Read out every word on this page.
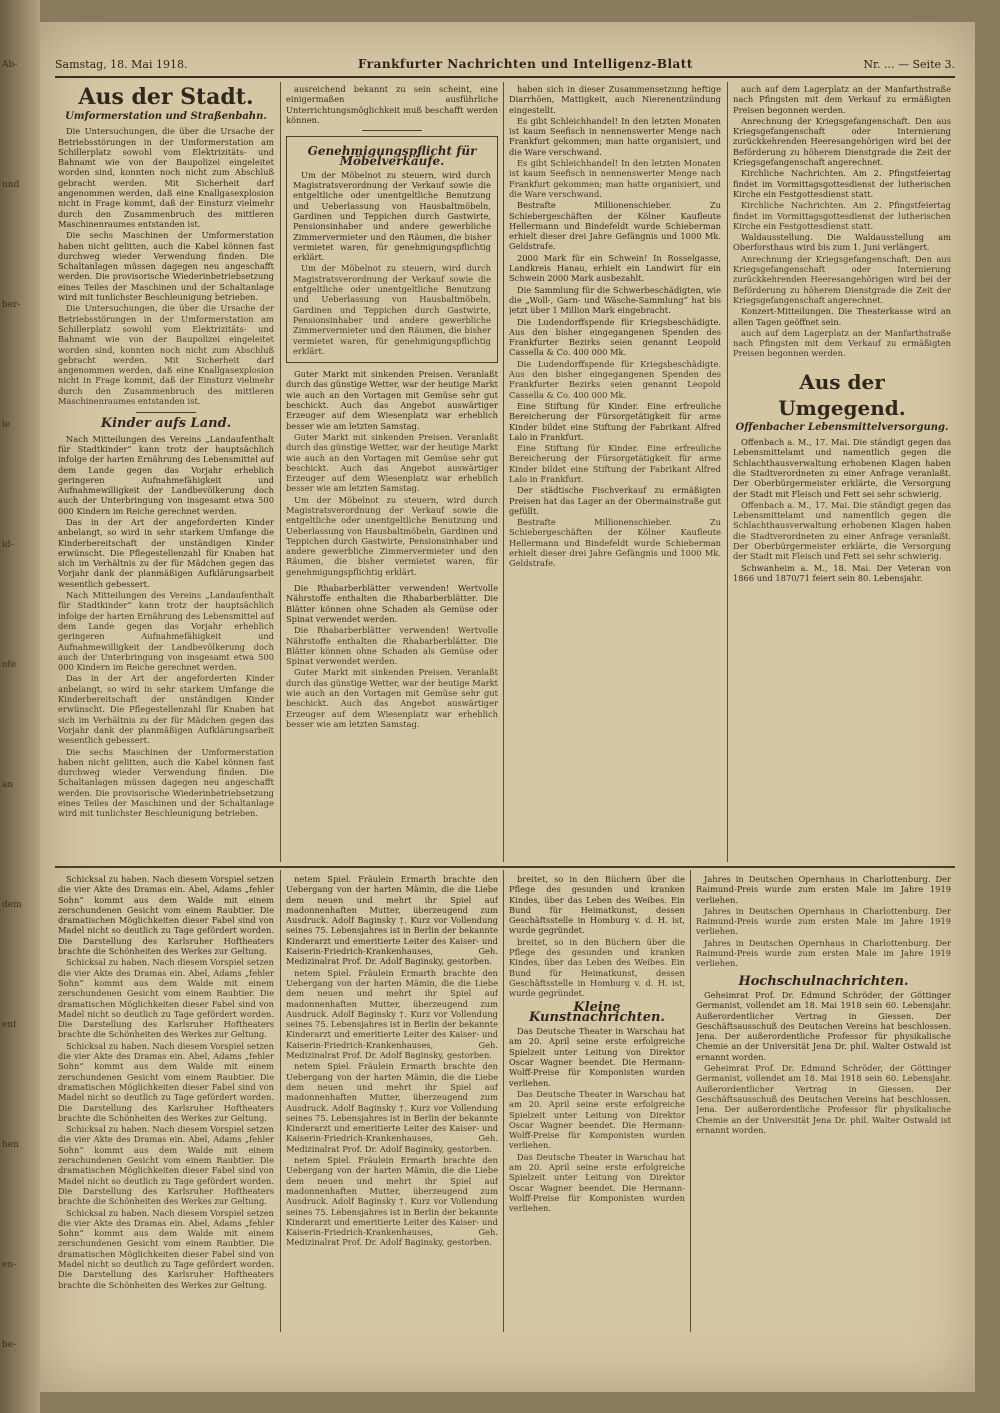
Ab-
und
ber-
le
id-
ofe
an
dem
ent
hen
en-
be-
Samstag, 18. Mai 1918.	Frankfurter Nachrichten und Intelligenz-Blatt	Nr. ... — Seite 3.
Aus der Stadt.
Umformerstation und Straßenbahn.

Die Untersuchungen, die über die Ursache der Betriebsstörungen in der Umformerstation am Schillerplatz sowohl vom Elektrizitäts- und Bahnamt wie von der Baupolizei eingeleitet worden sind, konnten noch nicht zum Abschluß gebracht werden. Mit Sicherheit darf angenommen werden, daß eine Knallgasexplosion nicht in Frage kommt, daß der Einsturz vielmehr durch den Zusammenbruch des mittleren Maschinenraumes entstanden ist.

Die sechs Maschinen der Umformerstation haben nicht gelitten, auch die Kabel können fast durchweg wieder Verwendung finden. Die Schaltanlagen müssen dagegen neu angeschafft werden. Die provisorische Wiederinbetriebsetzung eines Teiles der Maschinen und der Schaltanlage wird mit tunlichster Beschleunigung betrieben.

Die Untersuchungen, die über die Ursache der Betriebsstörungen in der Umformerstation am Schillerplatz sowohl vom Elektrizitäts- und Bahnamt wie von der Baupolizei eingeleitet worden sind, konnten noch nicht zum Abschluß gebracht werden. Mit Sicherheit darf angenommen werden, daß eine Knallgasexplosion nicht in Frage kommt, daß der Einsturz vielmehr durch den Zusammenbruch des mittleren Maschinenraumes entstanden ist.

Kinder aufs Land.

Nach Mitteilungen des Vereins „Landaufenthalt für Stadtkinder“ kann trotz der hauptsächlich infolge der harten Ernährung des Lebensmittel auf dem Lande gegen das Vorjahr erheblich geringeren Aufnahmefähigkeit und Aufnahmewilligkeit der Landbevölkerung doch auch der Unterbringung von insgesamt etwa 500 000 Kindern im Reiche gerechnet werden.

Das in der Art der angeforderten Kinder anbelangt, so wird in sehr starkem Umfange die Kinderbereitschaft der unständigen Kinder erwünscht. Die Pflegestellenzahl für Knaben hat sich im Verhältnis zu der für Mädchen gegen das Vorjahr dank der planmäßigen Aufklärungsarbeit wesentlich gebessert.

Nach Mitteilungen des Vereins „Landaufenthalt für Stadtkinder“ kann trotz der hauptsächlich infolge der harten Ernährung des Lebensmittel auf dem Lande gegen das Vorjahr erheblich geringeren Aufnahmefähigkeit und Aufnahmewilligkeit der Landbevölkerung doch auch der Unterbringung von insgesamt etwa 500 000 Kindern im Reiche gerechnet werden.

Das in der Art der angeforderten Kinder anbelangt, so wird in sehr starkem Umfange die Kinderbereitschaft der unständigen Kinder erwünscht. Die Pflegestellenzahl für Knaben hat sich im Verhältnis zu der für Mädchen gegen das Vorjahr dank der planmäßigen Aufklärungsarbeit wesentlich gebessert.

Die sechs Maschinen der Umformerstation haben nicht gelitten, auch die Kabel können fast durchweg wieder Verwendung finden. Die Schaltanlagen müssen dagegen neu angeschafft werden. Die provisorische Wiederinbetriebsetzung eines Teiles der Maschinen und der Schaltanlage wird mit tunlichster Beschleunigung betrieben.

ausreichend bekannt zu sein scheint, eine einigermaßen ausführliche Unterrichtungsmöglichkeit muß beschafft werden können.

Genehmigungspflicht für Möbelverkäufe.

Um der Möbelnot zu steuern, wird durch Magistratsverordnung der Verkauf sowie die entgeltliche oder unentgeltliche Benutzung und Ueberlassung von Hausbaltmöbeln, Gardinen und Teppichen durch Gastwirte, Pensionsinhaber und andere gewerbliche Zimmervermieter und den Räumen, die bisher vermietet waren, für genehmigungspflichtig erklärt.

Um der Möbelnot zu steuern, wird durch Magistratsverordnung der Verkauf sowie die entgeltliche oder unentgeltliche Benutzung und Ueberlassung von Hausbaltmöbeln, Gardinen und Teppichen durch Gastwirte, Pensionsinhaber und andere gewerbliche Zimmervermieter und den Räumen, die bisher vermietet waren, für genehmigungspflichtig erklärt.

Guter Markt mit sinkenden Preisen. Veranlaßt durch das günstige Wetter, war der heutige Markt wie auch an den Vortagen mit Gemüse sehr gut beschickt. Auch das Angebot auswärtiger Erzeuger auf dem Wiesenplatz war erheblich besser wie am letzten Samstag.

Guter Markt mit sinkenden Preisen. Veranlaßt durch das günstige Wetter, war der heutige Markt wie auch an den Vortagen mit Gemüse sehr gut beschickt. Auch das Angebot auswärtiger Erzeuger auf dem Wiesenplatz war erheblich besser wie am letzten Samstag.

Um der Möbelnot zu steuern, wird durch Magistratsverordnung der Verkauf sowie die entgeltliche oder unentgeltliche Benutzung und Ueberlassung von Hausbaltmöbeln, Gardinen und Teppichen durch Gastwirte, Pensionsinhaber und andere gewerbliche Zimmervermieter und den Räumen, die bisher vermietet waren, für genehmigungspflichtig erklärt.

Die Rhabarberblätter verwenden! Wertvolle Nährstoffe enthalten die Rhabarberblätter. Die Blätter können ohne Schaden als Gemüse oder Spinat verwendet werden.

Die Rhabarberblätter verwenden! Wertvolle Nährstoffe enthalten die Rhabarberblätter. Die Blätter können ohne Schaden als Gemüse oder Spinat verwendet werden.

Guter Markt mit sinkenden Preisen. Veranlaßt durch das günstige Wetter, war der heutige Markt wie auch an den Vortagen mit Gemüse sehr gut beschickt. Auch das Angebot auswärtiger Erzeuger auf dem Wiesenplatz war erheblich besser wie am letzten Samstag.

haben sich in dieser Zusammensetzung heftige Diarrhöen, Mattigkeit, auch Nierenentzündung eingestellt.

Es gibt Schleichhandel! In den letzten Monaten ist kaum Seefisch in nennenswerter Menge nach Frankfurt gekommen; man hatte organisiert, und die Ware verschwand.

Es gibt Schleichhandel! In den letzten Monaten ist kaum Seefisch in nennenswerter Menge nach Frankfurt gekommen; man hatte organisiert, und die Ware verschwand.

Bestrafte Millionenschieber. Zu Schiebergeschäften der Kölner Kaufleute Hellermann und Bindefeldt wurde Schieberman erhielt dieser drei Jahre Gefängnis und 1000 Mk. Geldstrafe.

2000 Mark für ein Schwein! In Rosselgasse, Landkreis Hanau, erhielt ein Landwirt für ein Schwein 2000 Mark ausbezahlt.

Die Sammlung für die Schwerbeschädigten, wie die „Woll-, Garn- und Wäsche-Sammlung“ hat bis jetzt über 1 Million Mark eingebracht.

Die Ludendorffspende für Kriegsbeschädigte. Aus den bisher eingegangenen Spenden des Frankfurter Bezirks seien genannt Leopold Cassella & Co. 400 000 Mk.

Die Ludendorffspende für Kriegsbeschädigte. Aus den bisher eingegangenen Spenden des Frankfurter Bezirks seien genannt Leopold Cassella & Co. 400 000 Mk.

Eine Stiftung für Kinder. Eine erfreuliche Bereicherung der Fürsorgetätigkeit für arme Kinder bildet eine Stiftung der Fabrikant Alfred Lalo in Frankfurt.

Eine Stiftung für Kinder. Eine erfreuliche Bereicherung der Fürsorgetätigkeit für arme Kinder bildet eine Stiftung der Fabrikant Alfred Lalo in Frankfurt.

Der städtische Fischverkauf zu ermäßigten Preisen hat das Lager an der Obermainstraße gut gefüllt.

Bestrafte Millionenschieber. Zu Schiebergeschäften der Kölner Kaufleute Hellermann und Bindefeldt wurde Schieberman erhielt dieser drei Jahre Gefängnis und 1000 Mk. Geldstrafe.

auch auf dem Lagerplatz an der Manfarthstraße nach Pfingsten mit dem Verkauf zu ermäßigten Preisen begonnen werden.

Anrechnung der Kriegsgefangenschaft. Den aus Kriegsgefangenschaft oder Internierung zurückkehrenden Heeresangehörigen wird bei der Beförderung zu höherem Dienstgrade die Zeit der Kriegsgefangenschaft angerechnet.

Kirchliche Nachrichten. Am 2. Pfingstfeiertag findet im Vormittagsgottesdienst der lutherischen Kirche ein Festgottesdienst statt.

Kirchliche Nachrichten. Am 2. Pfingstfeiertag findet im Vormittagsgottesdienst der lutherischen Kirche ein Festgottesdienst statt.

Waldausstellung. Die Waldausstellung am Oberforsthaus wird bis zum 1. Juni verlängert.

Anrechnung der Kriegsgefangenschaft. Den aus Kriegsgefangenschaft oder Internierung zurückkehrenden Heeresangehörigen wird bei der Beförderung zu höherem Dienstgrade die Zeit der Kriegsgefangenschaft angerechnet.

Konzert-Mitteilungen. Die Theaterkasse wird an allen Tagen geöffnet sein.

auch auf dem Lagerplatz an der Manfarthstraße nach Pfingsten mit dem Verkauf zu ermäßigten Preisen begonnen werden.

Aus der Umgegend.
Offenbacher Lebensmittelversorgung.

Offenbach a. M., 17. Mai. Die ständigt gegen das Lebensmittelamt und namentlich gegen die Schlachthausverwaltung erhobenen Klagen haben die Stadtverordneten zu einer Anfrage veranlaßt. Der Oberbürgermeister erklärte, die Versorgung der Stadt mit Fleisch und Fett sei sehr schwierig.

Offenbach a. M., 17. Mai. Die ständigt gegen das Lebensmittelamt und namentlich gegen die Schlachthausverwaltung erhobenen Klagen haben die Stadtverordneten zu einer Anfrage veranlaßt. Der Oberbürgermeister erklärte, die Versorgung der Stadt mit Fleisch und Fett sei sehr schwierig.

Schwanheim a. M., 18. Mai. Der Veteran von 1866 und 1870/71 feiert sein 80. Lebensjahr.

Schicksal zu haben. Nach diesem Vorspiel setzen die vier Akte des Dramas ein. Abel, Adams „fehler Sohn“ kommt aus dem Walde mit einem zerschundenen Gesicht vom einem Raubtier. Die dramatischen Möglichkeiten dieser Fabel sind von Madel nicht so deutlich zu Tage gefördert worden. Die Darstellung des Karlsruher Hoftheaters brachte die Schönheiten des Werkes zur Geltung.

Schicksal zu haben. Nach diesem Vorspiel setzen die vier Akte des Dramas ein. Abel, Adams „fehler Sohn“ kommt aus dem Walde mit einem zerschundenen Gesicht vom einem Raubtier. Die dramatischen Möglichkeiten dieser Fabel sind von Madel nicht so deutlich zu Tage gefördert worden. Die Darstellung des Karlsruher Hoftheaters brachte die Schönheiten des Werkes zur Geltung.

Schicksal zu haben. Nach diesem Vorspiel setzen die vier Akte des Dramas ein. Abel, Adams „fehler Sohn“ kommt aus dem Walde mit einem zerschundenen Gesicht vom einem Raubtier. Die dramatischen Möglichkeiten dieser Fabel sind von Madel nicht so deutlich zu Tage gefördert worden. Die Darstellung des Karlsruher Hoftheaters brachte die Schönheiten des Werkes zur Geltung.

Schicksal zu haben. Nach diesem Vorspiel setzen die vier Akte des Dramas ein. Abel, Adams „fehler Sohn“ kommt aus dem Walde mit einem zerschundenen Gesicht vom einem Raubtier. Die dramatischen Möglichkeiten dieser Fabel sind von Madel nicht so deutlich zu Tage gefördert worden. Die Darstellung des Karlsruher Hoftheaters brachte die Schönheiten des Werkes zur Geltung.

Schicksal zu haben. Nach diesem Vorspiel setzen die vier Akte des Dramas ein. Abel, Adams „fehler Sohn“ kommt aus dem Walde mit einem zerschundenen Gesicht vom einem Raubtier. Die dramatischen Möglichkeiten dieser Fabel sind von Madel nicht so deutlich zu Tage gefördert worden. Die Darstellung des Karlsruher Hoftheaters brachte die Schönheiten des Werkes zur Geltung.

netem Spiel. Fräulein Ermarth brachte den Uebergang von der harten Mämin, die die Liebe dem neuen und mehrt ihr Spiel auf madonnenhaften Mutter, überzeugend zum Ausdruck. Adolf Baginsky †. Kurz vor Vollendung seines 75. Lebensjahres ist in Berlin der bekannte Kinderarzt und emeritierte Leiter des Kaiser- und Kaiserin-Friedrich-Krankenhauses, Geh. Medizinalrat Prof. Dr. Adolf Baginsky, gestorben.

netem Spiel. Fräulein Ermarth brachte den Uebergang von der harten Mämin, die die Liebe dem neuen und mehrt ihr Spiel auf madonnenhaften Mutter, überzeugend zum Ausdruck. Adolf Baginsky †. Kurz vor Vollendung seines 75. Lebensjahres ist in Berlin der bekannte Kinderarzt und emeritierte Leiter des Kaiser- und Kaiserin-Friedrich-Krankenhauses, Geh. Medizinalrat Prof. Dr. Adolf Baginsky, gestorben.

netem Spiel. Fräulein Ermarth brachte den Uebergang von der harten Mämin, die die Liebe dem neuen und mehrt ihr Spiel auf madonnenhaften Mutter, überzeugend zum Ausdruck. Adolf Baginsky †. Kurz vor Vollendung seines 75. Lebensjahres ist in Berlin der bekannte Kinderarzt und emeritierte Leiter des Kaiser- und Kaiserin-Friedrich-Krankenhauses, Geh. Medizinalrat Prof. Dr. Adolf Baginsky, gestorben.

netem Spiel. Fräulein Ermarth brachte den Uebergang von der harten Mämin, die die Liebe dem neuen und mehrt ihr Spiel auf madonnenhaften Mutter, überzeugend zum Ausdruck. Adolf Baginsky †. Kurz vor Vollendung seines 75. Lebensjahres ist in Berlin der bekannte Kinderarzt und emeritierte Leiter des Kaiser- und Kaiserin-Friedrich-Krankenhauses, Geh. Medizinalrat Prof. Dr. Adolf Baginsky, gestorben.

breitet, so in den Büchern über die Pflege des gesunden und kranken Kindes, über das Leben des Weibes. Ein Bund für Heimatkunst, dessen Geschäftsstelle in Homburg v. d. H. ist, wurde gegründet.

breitet, so in den Büchern über die Pflege des gesunden und kranken Kindes, über das Leben des Weibes. Ein Bund für Heimatkunst, dessen Geschäftsstelle in Homburg v. d. H. ist, wurde gegründet.

Kleine Kunstnachrichten.

Das Deutsche Theater in Warschau hat am 20. April seine erste erfolgreiche Spielzeit unter Leitung von Direktor Oscar Wagner beendet. Die Hermann-Wolff-Preise für Komponisten wurden verliehen.

Das Deutsche Theater in Warschau hat am 20. April seine erste erfolgreiche Spielzeit unter Leitung von Direktor Oscar Wagner beendet. Die Hermann-Wolff-Preise für Komponisten wurden verliehen.

Das Deutsche Theater in Warschau hat am 20. April seine erste erfolgreiche Spielzeit unter Leitung von Direktor Oscar Wagner beendet. Die Hermann-Wolff-Preise für Komponisten wurden verliehen.

Jahres in Deutschen Opernhaus in Charlottenburg. Der Raimund-Preis wurde zum ersten Male im Jahre 1919 verliehen.

Jahres in Deutschen Opernhaus in Charlottenburg. Der Raimund-Preis wurde zum ersten Male im Jahre 1919 verliehen.

Jahres in Deutschen Opernhaus in Charlottenburg. Der Raimund-Preis wurde zum ersten Male im Jahre 1919 verliehen.

Hochschulnachrichten.

Geheimrat Prof. Dr. Edmund Schröder, der Göttinger Germanist, vollendet am 18. Mai 1918 sein 60. Lebensjahr. Außerordentlicher Vertrag in Giessen. Der Geschäftsausschuß des Deutschen Vereins hat beschlossen. Jena. Der außerordentliche Professor für physikalische Chemie an der Universität Jena Dr. phil. Walter Ostwald ist ernannt worden.

Geheimrat Prof. Dr. Edmund Schröder, der Göttinger Germanist, vollendet am 18. Mai 1918 sein 60. Lebensjahr. Außerordentlicher Vertrag in Giessen. Der Geschäftsausschuß des Deutschen Vereins hat beschlossen. Jena. Der außerordentliche Professor für physikalische Chemie an der Universität Jena Dr. phil. Walter Ostwald ist ernannt worden.
